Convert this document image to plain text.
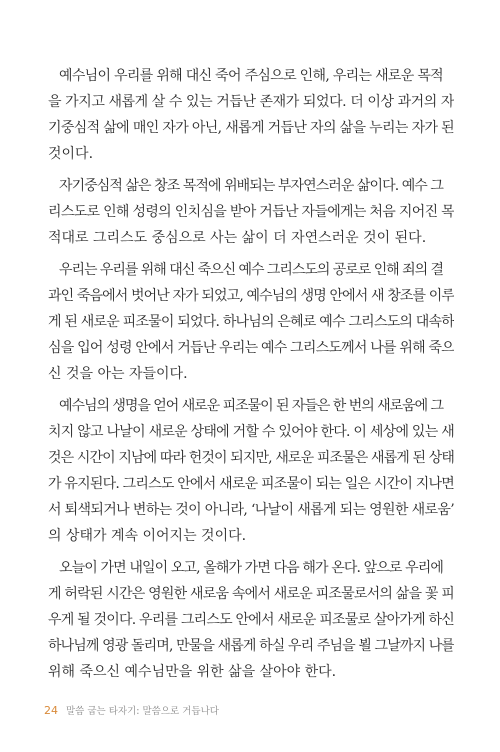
예수님이 우리를 위해 대신 죽어 주심으로 인해, 우리는 새로운 목적
을 가지고 새롭게 살 수 있는 거듭난 존재가 되었다. 더 이상 과거의 자
기중심적 삶에 매인 자가 아닌, 새롭게 거듭난 자의 삶을 누리는 자가 된
것이다.

자기중심적 삶은 창조 목적에 위배되는 부자연스러운 삶이다. 예수 그
리스도로 인해 성령의 인치심을 받아 거듭난 자들에게는 처음 지어진 목
적대로 그리스도 중심으로 사는 삶이 더 자연스러운 것이 된다.

우리는 우리를 위해 대신 죽으신 예수 그리스도의 공로로 인해 죄의 결
과인 죽음에서 벗어난 자가 되었고, 예수님의 생명 안에서 새 창조를 이루
게 된 새로운 피조물이 되었다. 하나님의 은혜로 예수 그리스도의 대속하
심을 입어 성령 안에서 거듭난 우리는 예수 그리스도께서 나를 위해 죽으
신 것을 아는 자들이다.

예수님의 생명을 얻어 새로운 피조물이 된 자들은 한 번의 새로움에 그
치지 않고 나날이 새로운 상태에 거할 수 있어야 한다. 이 세상에 있는 새
것은 시간이 지남에 따라 헌것이 되지만, 새로운 피조물은 새롭게 된 상태
가 유지된다. 그리스도 안에서 새로운 피조물이 되는 일은 시간이 지나면
서 퇴색되거나 변하는 것이 아니라, ‘나날이 새롭게 되는 영원한 새로움’
의 상태가 계속 이어지는 것이다.

오늘이 가면 내일이 오고, 올해가 가면 다음 해가 온다. 앞으로 우리에
게 허락된 시간은 영원한 새로움 속에서 새로운 피조물로서의 삶을 꽃 피
우게 될 것이다. 우리를 그리스도 안에서 새로운 피조물로 살아가게 하신
하나님께 영광 돌리며, 만물을 새롭게 하실 우리 주님을 뵐 그날까지 나를
위해 죽으신 예수님만을 위한 삶을 살아야 한다.

24 말씀 굽는 타자기: 말씀으로 거듭나다
